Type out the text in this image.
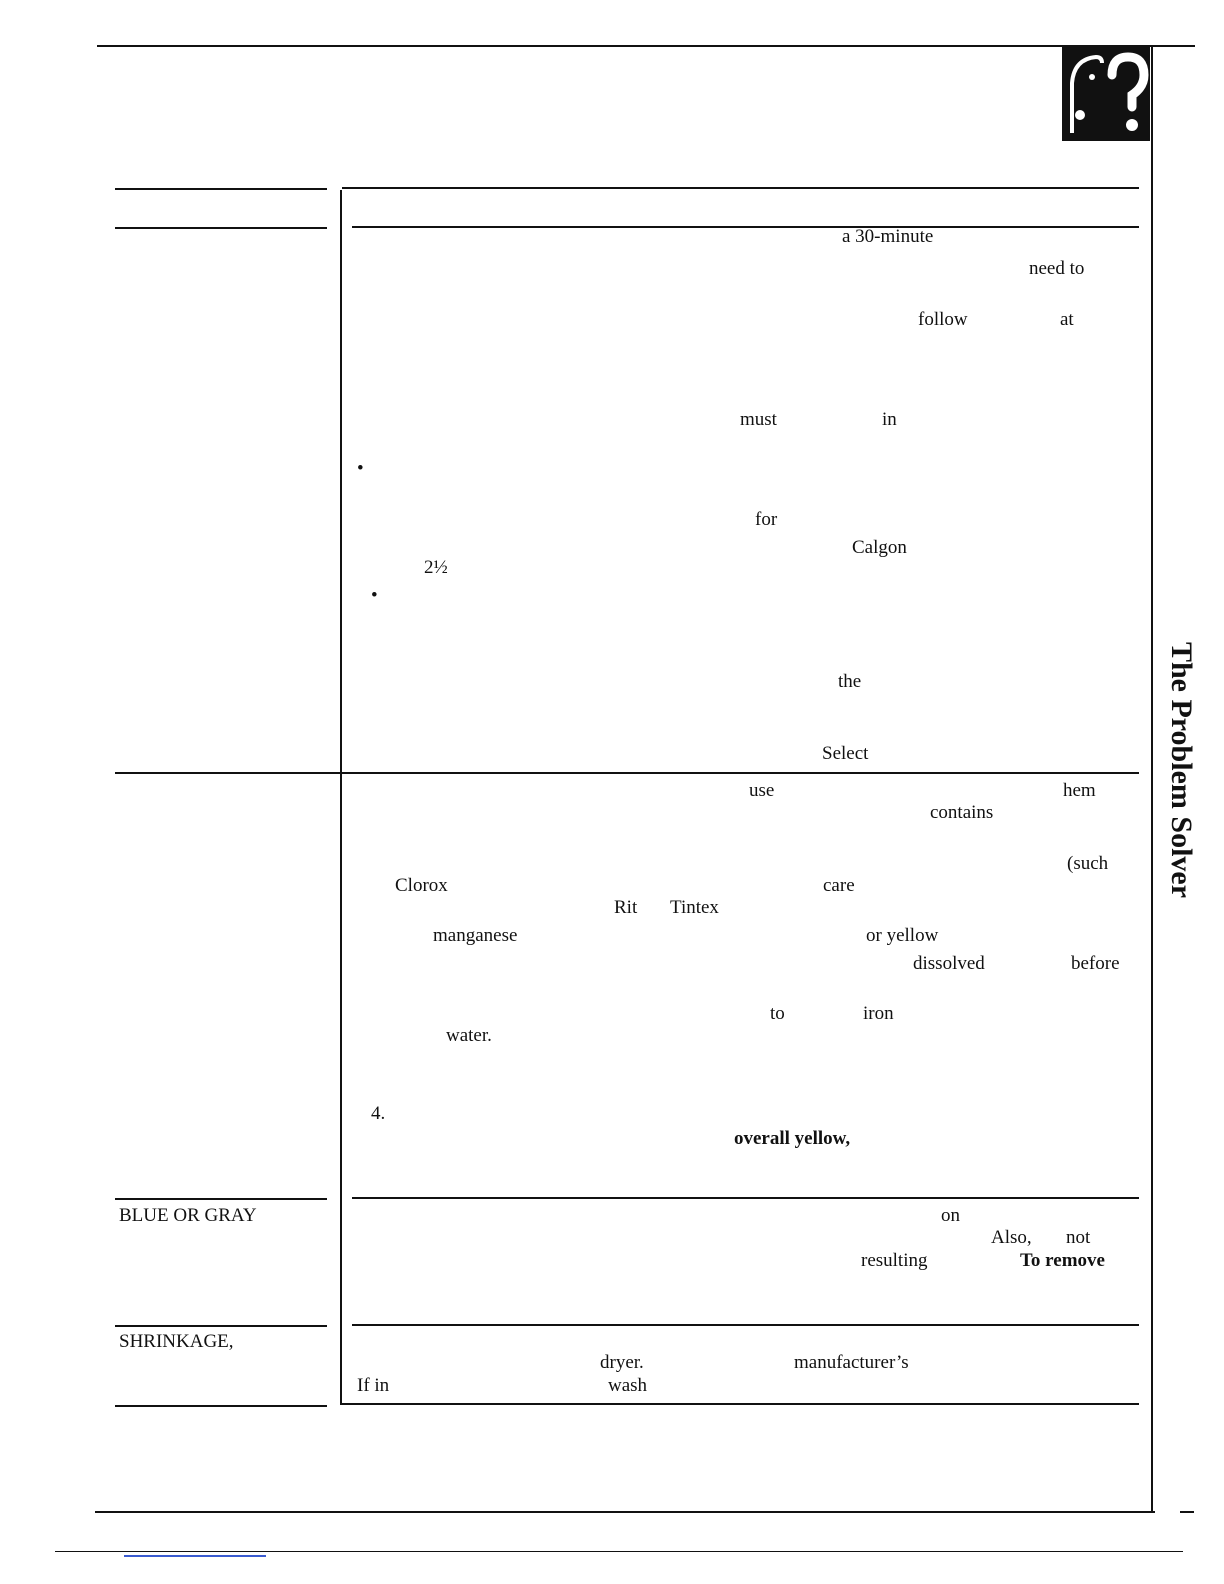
The Problem Solver
a 30-minute
need to
follow	at
must	in
•
for
Calgon
2½
•
the
Select
use	hem
contains
(such
Clorox	care
Rit Tintex
manganese	or yellow
dissolved	before
to	iron
water.
4.
overall yellow,
BLUE OR GRAY	on
Also, not
resulting	To remove
SHRINKAGE,
dryer.	manufacturer’s
If in	wash
